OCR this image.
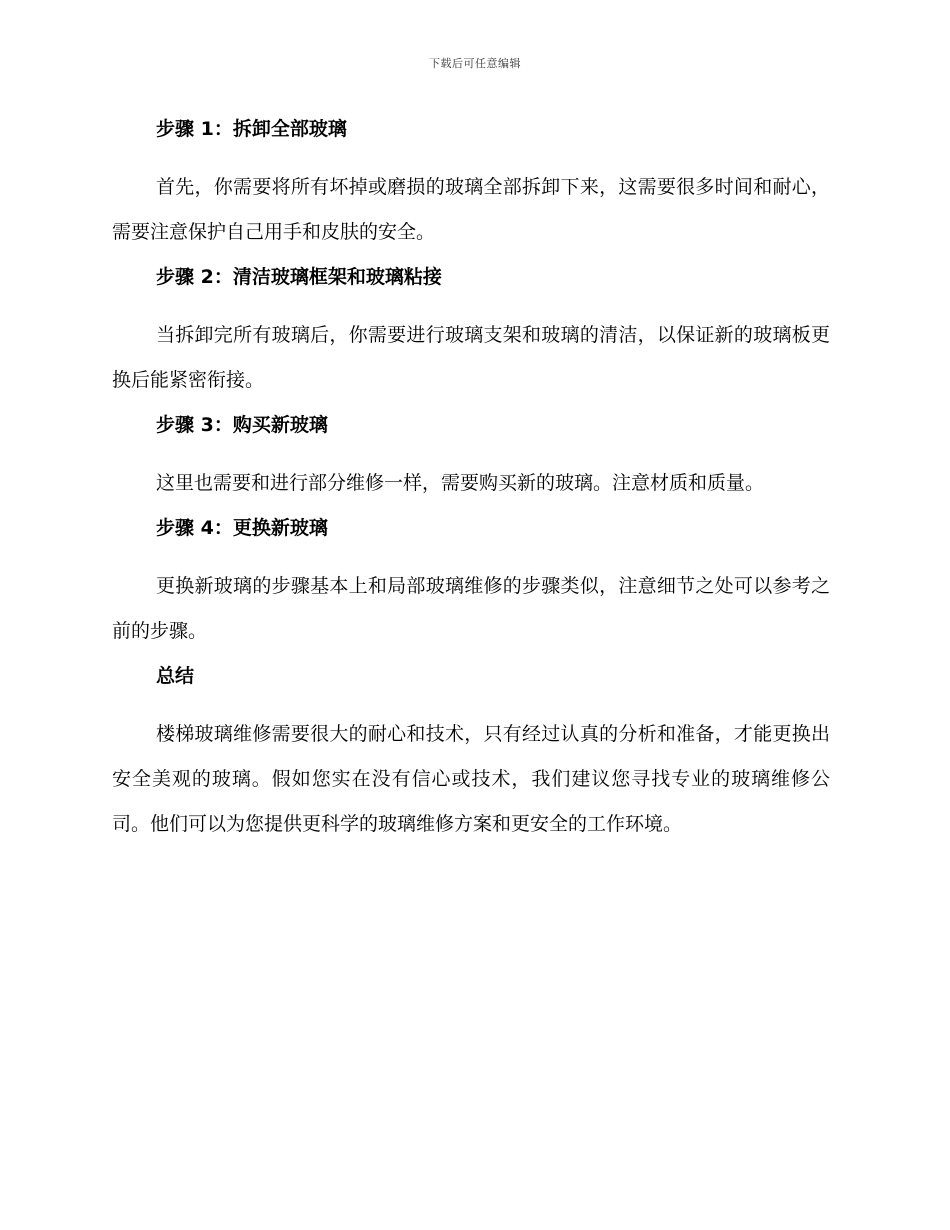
下载后可任意编辑
步骤 1：拆卸全部玻璃

首先，你需要将所有坏掉或磨损的玻璃全部拆卸下来，这需要很多时间和耐心，需要注意保护自己用手和皮肤的安全。

步骤 2：清洁玻璃框架和玻璃粘接

当拆卸完所有玻璃后，你需要进行玻璃支架和玻璃的清洁，以保证新的玻璃板更换后能紧密衔接。

步骤 3：购买新玻璃

这里也需要和进行部分维修一样，需要购买新的玻璃。注意材质和质量。

步骤 4：更换新玻璃

更换新玻璃的步骤基本上和局部玻璃维修的步骤类似，注意细节之处可以参考之前的步骤。

总结

楼梯玻璃维修需要很大的耐心和技术，只有经过认真的分析和准备，才能更换出安全美观的玻璃。假如您实在没有信心或技术，我们建议您寻找专业的玻璃维修公司。他们可以为您提供更科学的玻璃维修方案和更安全的工作环境。
